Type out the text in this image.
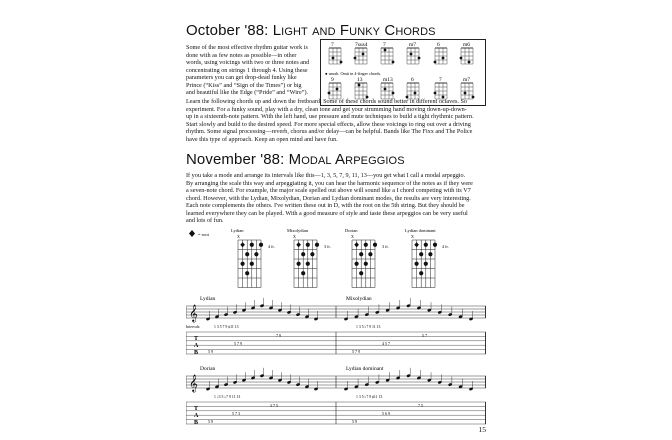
October '88: Light and Funky Chords
Some of the most effective rhythm guitar work is
done with as few notes as possible—in other
words, using voicings with two or three notes and
concentrating on strings 1 through 4. Using these
parameters you can get drop-dead funky like
Prince (“Kiss” and “Sign of the Times”) or big
and beautiful like the Edge (“Pride” and “Wire”).
● unorh. Omit in 4-finger chords.
7	7sus4	7	m7	6	m6
9	13	m13	6	7	m7
Learn the following chords up and down the fretboard. Some of these chords sound better in different octaves. So
experiment. For a funky sound, play with a dry, clean tone and get your strumming hand moving down-up-down-
up in a sixteenth-note pattern. With the left hand, use pressure and mute techniques to build a tight rhythmic pattern.
Start slowly and build to the desired speed. For more special effects, allow these voicings to ring out over a driving
rhythm. Some signal processing—reverb, chorus and/or delay—can be helpful. Bands like The Fixx and The Police
have this type of approach. Keep an open mind and have fun.
November '88: Modal Arpeggios
If you take a mode and arrange its intervals like this—1, 3, 5, 7, 9, 11, 13—you get what I call a modal arpeggio.
By arranging the scale this way and arpeggiating it, you can hear the harmonic sequence of the notes as if they were
a seven-note chord. For example, the major scale spelled out above will sound like a I chord competing with its V7
chord. However, with the Lydian, Mixolydian, Dorian and Lydian dominant modes, the results are very interesting.
Each note complements the others. I've written these out in D, with the root on the 5th string. But they should be
learned everywhere they can be played. With a good measure of style and taste these arpeggios can be very useful
and lots of fun.
= root
Lydian	Mixolydian	Dorian	Lydian dominant
4 fr.	3 fr.	3 fr.	4 fr.
X	X	X	X
Lydian	Mixolydian
𝄞
Intervals:	1 3 5 7 9 ♯11 13	1 3 5 ♭7 9 11 13
T
A
B
7 9
5 7 9
5 9
5 7
4 5 7
5 7 9
Dorian	Lydian dominant
𝄞
1 ♭3 5 ♭7 9 11 13	1 3 5 ♭7 9 ♯11 13
T
A
B
3 7 5
5 7 3
5 9
7 5
5 6 9
5 9
15
